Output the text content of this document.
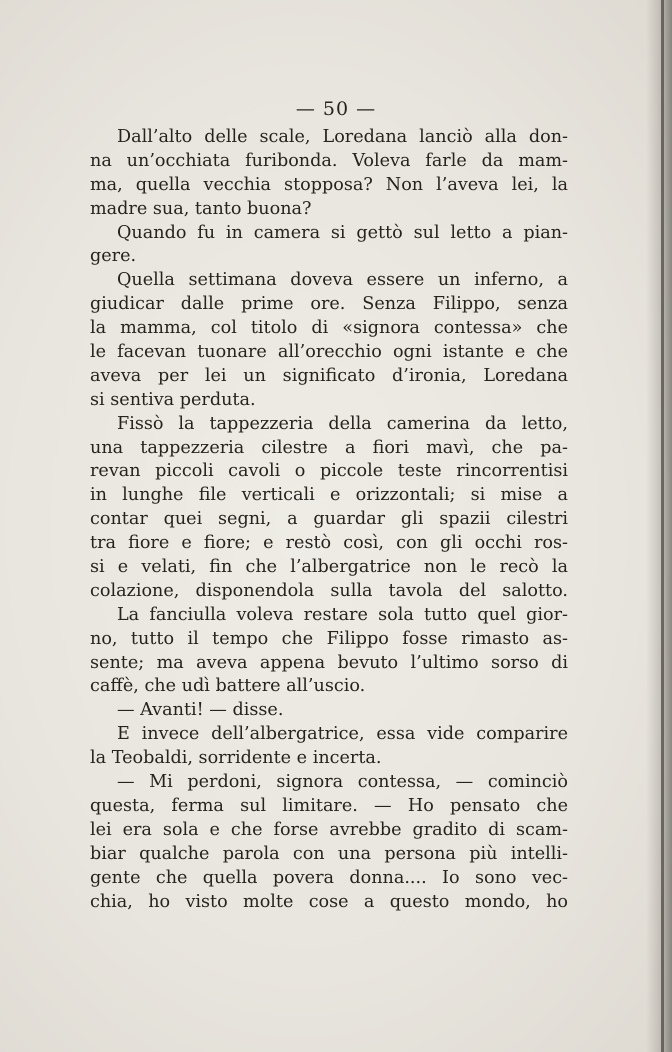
— 50 —
Dall’alto delle scale, Loredana lanciò alla don-
na un’occhiata furibonda. Voleva farle da mam-
ma, quella vecchia stopposa? Non l’aveva lei, la
madre sua, tanto buona?
Quando fu in camera si gettò sul letto a pian-
gere.
Quella settimana doveva essere un inferno, a
giudicar dalle prime ore. Senza Filippo, senza
la mamma, col titolo di «signora contessa» che
le facevan tuonare all’orecchio ogni istante e che
aveva per lei un significato d’ironia, Loredana
si sentiva perduta.
Fissò la tappezzeria della camerina da letto,
una tappezzeria cilestre a fiori mavì, che pa-
revan piccoli cavoli o piccole teste rincorrentisi
in lunghe file verticali e orizzontali; si mise a
contar quei segni, a guardar gli spazii cilestri
tra fiore e fiore; e restò così, con gli occhi ros-
si e velati, fin che l’albergatrice non le recò la
colazione, disponendola sulla tavola del salotto.
La fanciulla voleva restare sola tutto quel gior-
no, tutto il tempo che Filippo fosse rimasto as-
sente; ma aveva appena bevuto l’ultimo sorso di
caffè, che udì battere all’uscio.
— Avanti! — disse.
E invece dell’albergatrice, essa vide comparire
la Teobaldi, sorridente e incerta.
— Mi perdoni, signora contessa, — cominciò
questa, ferma sul limitare. — Ho pensato che
lei era sola e che forse avrebbe gradito di scam-
biar qualche parola con una persona più intelli-
gente che quella povera donna.... Io sono vec-
chia, ho visto molte cose a questo mondo, ho
